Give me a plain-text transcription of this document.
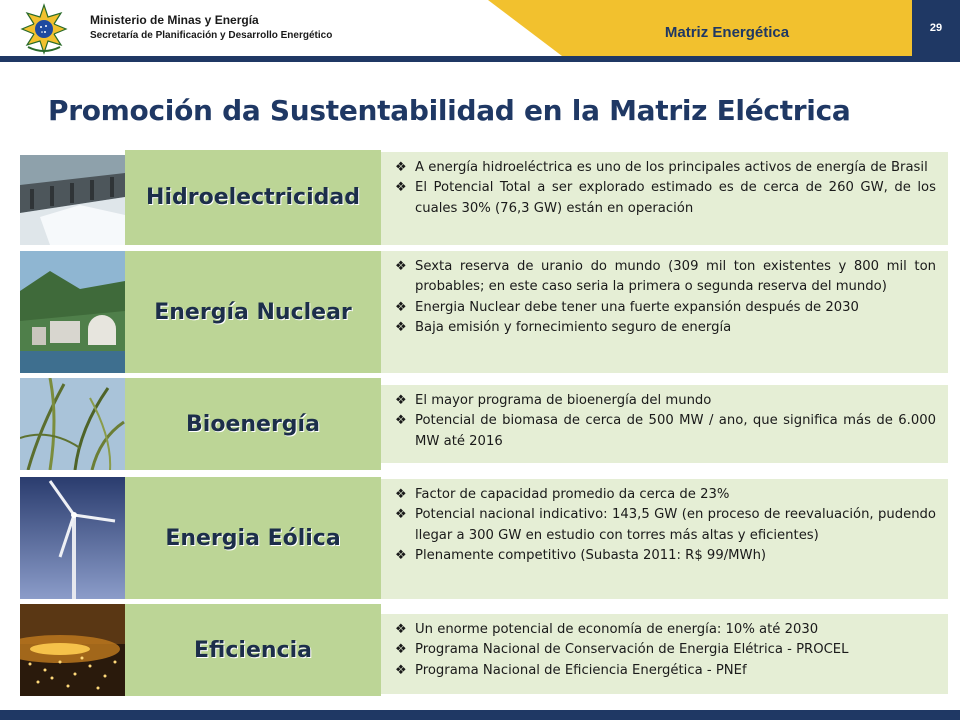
Ministerio de Minas y Energía
Secretaría de Planificación y Desarrollo Energético	Matriz Energética	29
Promoción da Sustentabilidad en la Matriz Eléctrica
Hidroelectricidad
❖ A energía hidroeléctrica es uno de los principales activos de energía de Brasil
❖ El Potencial Total a ser explorado estimado es de cerca de 260 GW, de los cuales 30% (76,3 GW) están en operación
Energía Nuclear
❖ Sexta reserva de uranio do mundo (309 mil ton existentes y 800 mil ton probables; en este caso seria la primera o segunda reserva del mundo)
❖ Energia Nuclear debe tener una fuerte expansión después de 2030
❖ Baja emisión y fornecimiento seguro de energía
Bioenergía
❖ El mayor programa de bioenergía del mundo
❖ Potencial de biomasa de cerca de 500 MW / ano, que significa más de 6.000 MW até 2016
Energia Eólica
❖ Factor de capacidad promedio da cerca de 23%
❖ Potencial nacional indicativo: 143,5 GW (en proceso de reevaluación, pudendo llegar a 300 GW en estudio con torres más altas y eficientes)
❖ Plenamente competitivo (Subasta 2011: R$ 99/MWh)
Eficiencia
❖ Un enorme potencial de economía de energía: 10% até 2030
❖ Programa Nacional de Conservación de Energia Elétrica - PROCEL
❖ Programa Nacional de Eficiencia Energética - PNEf
